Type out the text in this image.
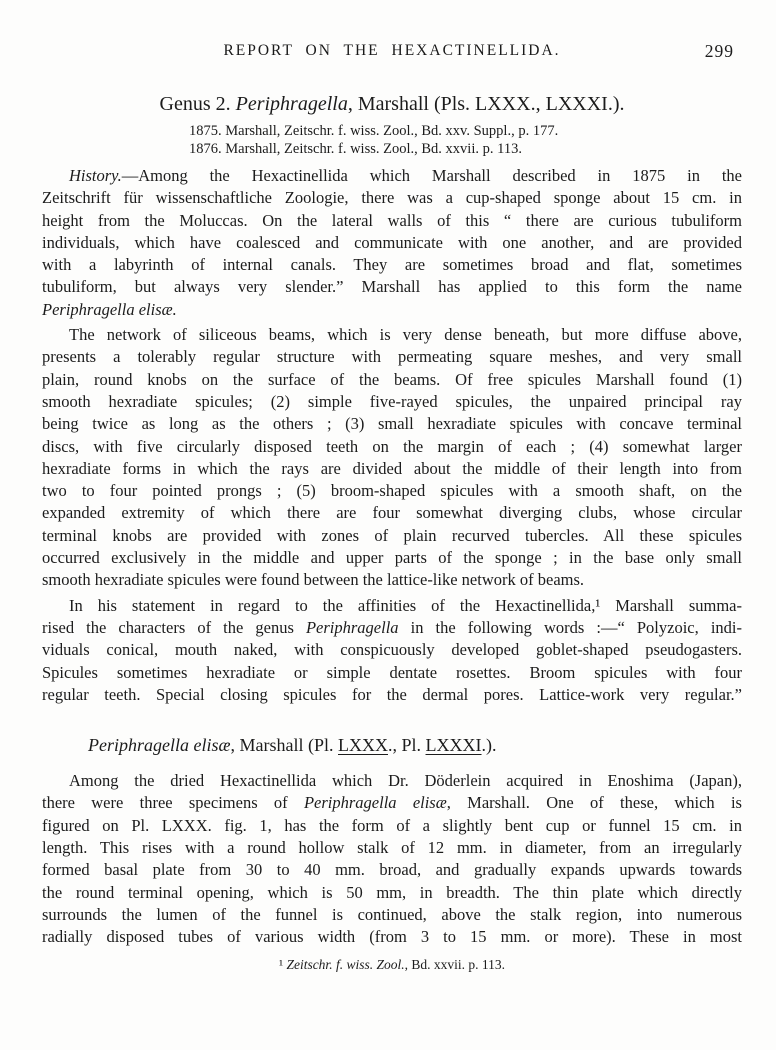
REPORT ON THE HEXACTINELLIDA.	299
Genus 2. Periphragella, Marshall (Pls. LXXX., LXXXI.).
1875. Marshall, Zeitschr. f. wiss. Zool., Bd. xxv. Suppl., p. 177.
1876. Marshall, Zeitschr. f. wiss. Zool., Bd. xxvii. p. 113.
History.—Among the Hexactinellida which Marshall described in 1875 in the
Zeitschrift für wissenschaftliche Zoologie, there was a cup-shaped sponge about 15 cm. in
height from the Moluccas. On the lateral walls of this “ there are curious tubuliform
individuals, which have coalesced and communicate with one another, and are provided
with a labyrinth of internal canals. They are sometimes broad and flat, sometimes
tubuliform, but always very slender.” Marshall has applied to this form the name
Periphragella elisæ.
The network of siliceous beams, which is very dense beneath, but more diffuse above,
presents a tolerably regular structure with permeating square meshes, and very small
plain, round knobs on the surface of the beams. Of free spicules Marshall found (1)
smooth hexradiate spicules; (2) simple five-rayed spicules, the unpaired principal ray
being twice as long as the others ; (3) small hexradiate spicules with concave terminal
discs, with five circularly disposed teeth on the margin of each ; (4) somewhat larger
hexradiate forms in which the rays are divided about the middle of their length into from
two to four pointed prongs ; (5) broom-shaped spicules with a smooth shaft, on the
expanded extremity of which there are four somewhat diverging clubs, whose circular
terminal knobs are provided with zones of plain recurved tubercles. All these spicules
occurred exclusively in the middle and upper parts of the sponge ; in the base only small
smooth hexradiate spicules were found between the lattice-like network of beams.
In his statement in regard to the affinities of the Hexactinellida,¹ Marshall summa-
rised the characters of the genus Periphragella in the following words :—“ Polyzoic, indi-
viduals conical, mouth naked, with conspicuously developed goblet-shaped pseudogasters.
Spicules sometimes hexradiate or simple dentate rosettes. Broom spicules with four
regular teeth. Special closing spicules for the dermal pores. Lattice-work very regular.”
Periphragella elisæ, Marshall (Pl. LXXX., Pl. LXXXI.).
Among the dried Hexactinellida which Dr. Döderlein acquired in Enoshima (Japan),
there were three specimens of Periphragella elisæ, Marshall. One of these, which is
figured on Pl. LXXX. fig. 1, has the form of a slightly bent cup or funnel 15 cm. in
length. This rises with a round hollow stalk of 12 mm. in diameter, from an irregularly
formed basal plate from 30 to 40 mm. broad, and gradually expands upwards towards
the round terminal opening, which is 50 mm, in breadth. The thin plate which directly
surrounds the lumen of the funnel is continued, above the stalk region, into numerous
radially disposed tubes of various width (from 3 to 15 mm. or more). These in most
¹ Zeitschr. f. wiss. Zool., Bd. xxvii. p. 113.
